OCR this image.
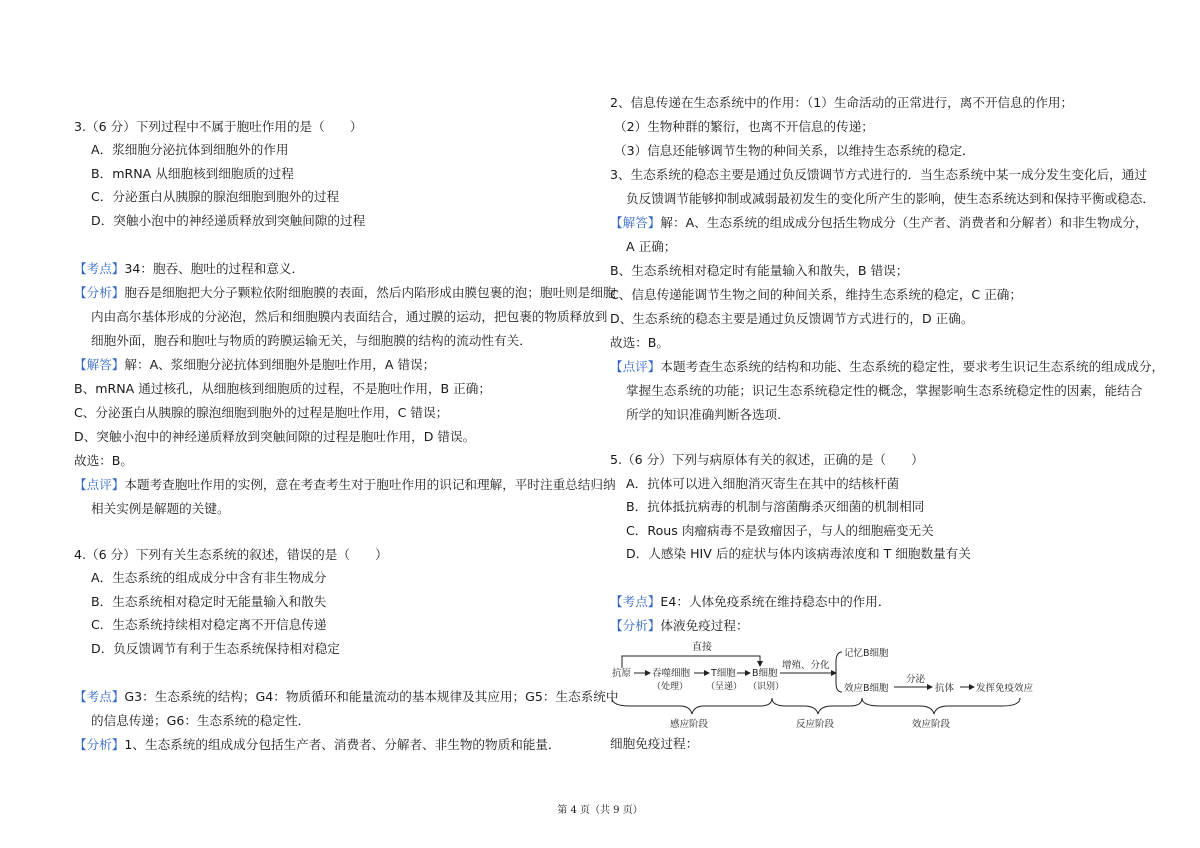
3.（6 分）下列过程中不属于胞吐作用的是（　　）
A．浆细胞分泌抗体到细胞外的作用
B．mRNA 从细胞核到细胞质的过程
C．分泌蛋白从胰腺的腺泡细胞到胞外的过程
D．突触小泡中的神经递质释放到突触间隙的过程
【考点】34：胞吞、胞吐的过程和意义．
【分析】胞吞是细胞把大分子颗粒依附细胞膜的表面，然后内陷形成由膜包裹的泡；胞吐则是细胞
内由高尔基体形成的分泌泡，然后和细胞膜内表面结合，通过膜的运动，把包裹的物质释放到
细胞外面，胞吞和胞吐与物质的跨膜运输无关，与细胞膜的结构的流动性有关．
【解答】解：A、浆细胞分泌抗体到细胞外是胞吐作用，A 错误；
B、mRNA 通过核孔，从细胞核到细胞质的过程，不是胞吐作用，B 正确；
C、分泌蛋白从胰腺的腺泡细胞到胞外的过程是胞吐作用，C 错误；
D、突触小泡中的神经递质释放到突触间隙的过程是胞吐作用，D 错误。
故选：B。
【点评】本题考查胞吐作用的实例，意在考查考生对于胞吐作用的识记和理解，平时注重总结归纳
相关实例是解题的关键。
4.（6 分）下列有关生态系统的叙述，错误的是（　　）
A．生态系统的组成成分中含有非生物成分
B．生态系统相对稳定时无能量输入和散失
C．生态系统持续相对稳定离不开信息传递
D．负反馈调节有利于生态系统保持相对稳定
【考点】G3：生态系统的结构；G4：物质循环和能量流动的基本规律及其应用；G5：生态系统中
的信息传递；G6：生态系统的稳定性．
【分析】1、生态系统的组成成分包括生产者、消费者、分解者、非生物的物质和能量．
2、信息传递在生态系统中的作用：（1）生命活动的正常进行，离不开信息的作用；
（2）生物种群的繁衍，也离不开信息的传递；
（3）信息还能够调节生物的种间关系，以维持生态系统的稳定．
3、生态系统的稳态主要是通过负反馈调节方式进行的．当生态系统中某一成分发生变化后，通过
负反馈调节能够抑制或减弱最初发生的变化所产生的影响，使生态系统达到和保持平衡或稳态．
【解答】解：A、生态系统的组成成分包括生物成分（生产者、消费者和分解者）和非生物成分，
A 正确；
B、生态系统相对稳定时有能量输入和散失，B 错误；
C、信息传递能调节生物之间的种间关系，维持生态系统的稳定，C 正确；
D、生态系统的稳态主要是通过负反馈调节方式进行的，D 正确。
故选：B。
【点评】本题考查生态系统的结构和功能、生态系统的稳定性，要求考生识记生态系统的组成成分，
掌握生态系统的功能；识记生态系统稳定性的概念，掌握影响生态系统稳定性的因素，能结合
所学的知识准确判断各选项.
5.（6 分）下列与病原体有关的叙述，正确的是（　　）
A．抗体可以进入细胞消灭寄生在其中的结核杆菌
B．抗体抵抗病毒的机制与溶菌酶杀灭细菌的机制相同
C．Rous 肉瘤病毒不是致瘤因子，与人的细胞癌变无关
D．人感染 HIV 后的症状与体内该病毒浓度和 T 细胞数量有关
【考点】E4：人体免疫系统在维持稳态中的作用．
【分析】体液免疫过程：
直接
抗原 吞噬细胞
（处理）
T细胞
（呈递）
B细胞
（识别）
增殖、分化
记忆B细胞
效应B细胞
分泌
抗体 发挥免疫效应
感应阶段	反应阶段	效应阶段
细胞免疫过程：
第 4 页（共 9 页）
